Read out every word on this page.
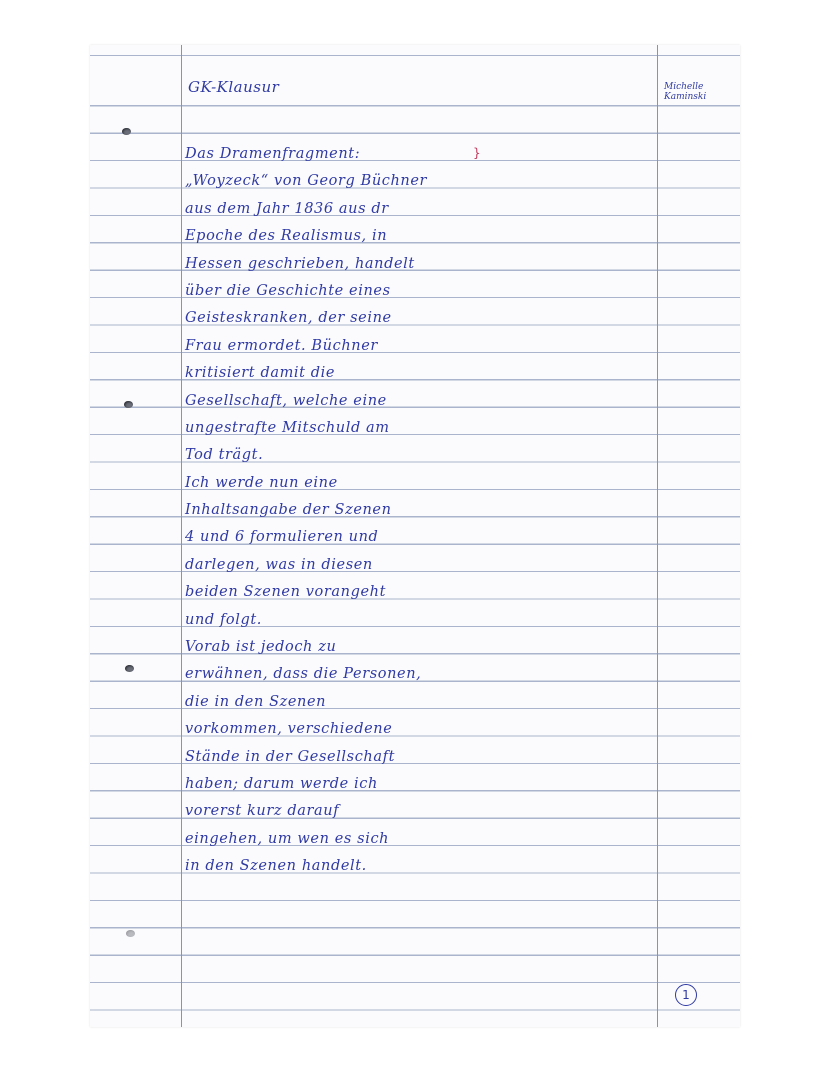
GK-Klausur	Michelle
Kaminski
}
Das Dramenfragment:
„Woyzeck“ von Georg Büchner
aus dem Jahr 1836 aus dr
Epoche des Realismus, in
Hessen geschrieben, handelt
über die Geschichte eines
Geisteskranken, der seine
Frau ermordet. Büchner
kritisiert damit die
Gesellschaft, welche eine
ungestrafte Mitschuld am
Tod trägt.
Ich werde nun eine
Inhaltsangabe der Szenen
4 und 6 formulieren und
darlegen, was in diesen
beiden Szenen vorangeht
und folgt.
Vorab ist jedoch zu
erwähnen, dass die Personen,
die in den Szenen
vorkommen, verschiedene
Stände in der Gesellschaft
haben; darum werde ich
vorerst kurz darauf
eingehen, um wen es sich
in den Szenen handelt.
1
